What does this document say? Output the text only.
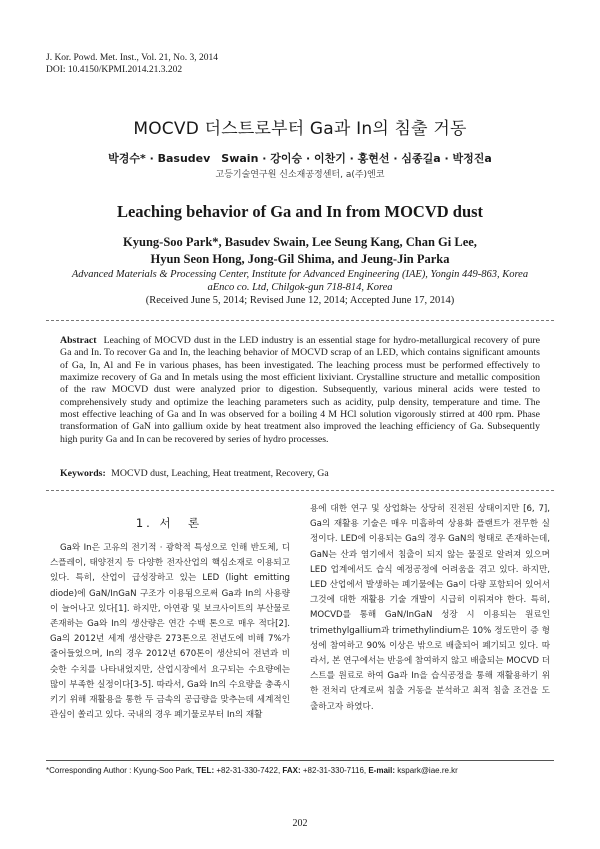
J. Kor. Powd. Met. Inst., Vol. 21, No. 3, 2014
DOI: 10.4150/KPMI.2014.21.3.202
MOCVD 더스트로부터 Ga과 In의 침출 거동
박경수* · Basudev　Swain · 강이승 · 이찬기 · 홍현선 · 심종길a · 박정진a
고등기술연구원 신소재공정센터, a(주)엔코
Leaching behavior of Ga and In from MOCVD dust
Kyung-Soo Park*, Basudev Swain, Lee Seung Kang, Chan Gi Lee,
Hyun Seon Hong, Jong-Gil Shima, and Jeung-Jin Parka
Advanced Materials & Processing Center, Institute for Advanced Engineering (IAE), Yongin 449-863, Korea
aEnco co. Ltd, Chilgok-gun 718-814, Korea
(Received June 5, 2014; Revised June 12, 2014; Accepted June 17, 2014)
Abstract Leaching of MOCVD dust in the LED industry is an essential stage for hydro-metallurgical recovery of pure Ga and In. To recover Ga and In, the leaching behavior of MOCVD scrap of an LED, which contains significant amounts of Ga, In, Al and Fe in various phases, has been investigated. The leaching process must be performed effectively to maximize recovery of Ga and In metals using the most efficient lixiviant. Crystalline structure and metallic composition of the raw MOCVD dust were analyzed prior to digestion. Subsequently, various mineral acids were tested to comprehensively study and optimize the leaching parameters such as acidity, pulp density, temperature and time. The most effective leaching of Ga and In was observed for a boiling 4 M HCl solution vigorously stirred at 400 rpm. Phase transformation of GaN into gallium oxide by heat treatment also improved the leaching efficiency of Ga. Subsequently high purity Ga and In can be recovered by series of hydro processes.
Keywords: MOCVD dust, Leaching, Heat treatment, Recovery, Ga
1. 서　론
Ga와 In은 고유의 전기적 · 광학적 특성으로 인해 반도체, 디스플레이, 태양전지 등 다양한 전자산업의 핵심소재로 이용되고 있다. 특히, 산업이 급성장하고 있는 LED (light emitting diode)에 GaN/InGaN 구조가 이용됨으로써 Ga과 In의 사용량이 늘어나고 있다[1]. 하지만, 아연광 및 보크사이트의 부산물로 존재하는 Ga와 In의 생산량은 연간 수백 톤으로 매우 적다[2]. Ga의 2012년 세계 생산량은 273톤으로 전년도에 비해 7%가 줄어들었으며, In의 경우 2012년 670톤이 생산되어 전년과 비슷한 수치를 나타내었지만, 산업시장에서 요구되는 수요량에는 많이 부족한 실정이다[3-5]. 따라서, Ga와 In의 수요량을 충족시키기 위해 재활용을 통한 두 금속의 공급량을 맞추는데 세계적인 관심이 쏠리고 있다. 국내의 경우 폐기물로부터 In의 재활
용에 대한 연구 및 상업화는 상당히 진전된 상태이지만 [6, 7], Ga의 재활용 기술은 매우 미흡하여 상용화 플랜트가 전무한 실정이다. LED에 이용되는 Ga의 경우 GaN의 형태로 존재하는데, GaN는 산과 염기에서 침출이 되지 않는 물질로 알려져 있으며 LED 업계에서도 습식 예정공정에 어려움을 겪고 있다. 하지만, LED 산업에서 발생하는 폐기물에는 Ga이 다량 포함되어 있어서 그것에 대한 재활용 기술 개발이 시급히 이뤄져야 한다. 특히, MOCVD를 통해 GaN/InGaN 성장 시 이용되는 원료인 trimethylgallium과 trimethylindium은 10% 정도만이 증 형성에 참여하고 90% 이상은 밖으로 배출되어 폐기되고 있다. 따라서, 본 연구에서는 반응에 참여하지 않고 배출되는 MOCVD 더스트를 원료로 하여 Ga과 In을 습식공정을 통해 재활용하기 위한 전처리 단계로써 침출 거동을 분석하고 최적 침출 조건을 도출하고자 하였다.
*Corresponding Author : Kyung-Soo Park, TEL: +82-31-330-7422, FAX: +82-31-330-7116, E-mail: kspark@iae.re.kr
202
